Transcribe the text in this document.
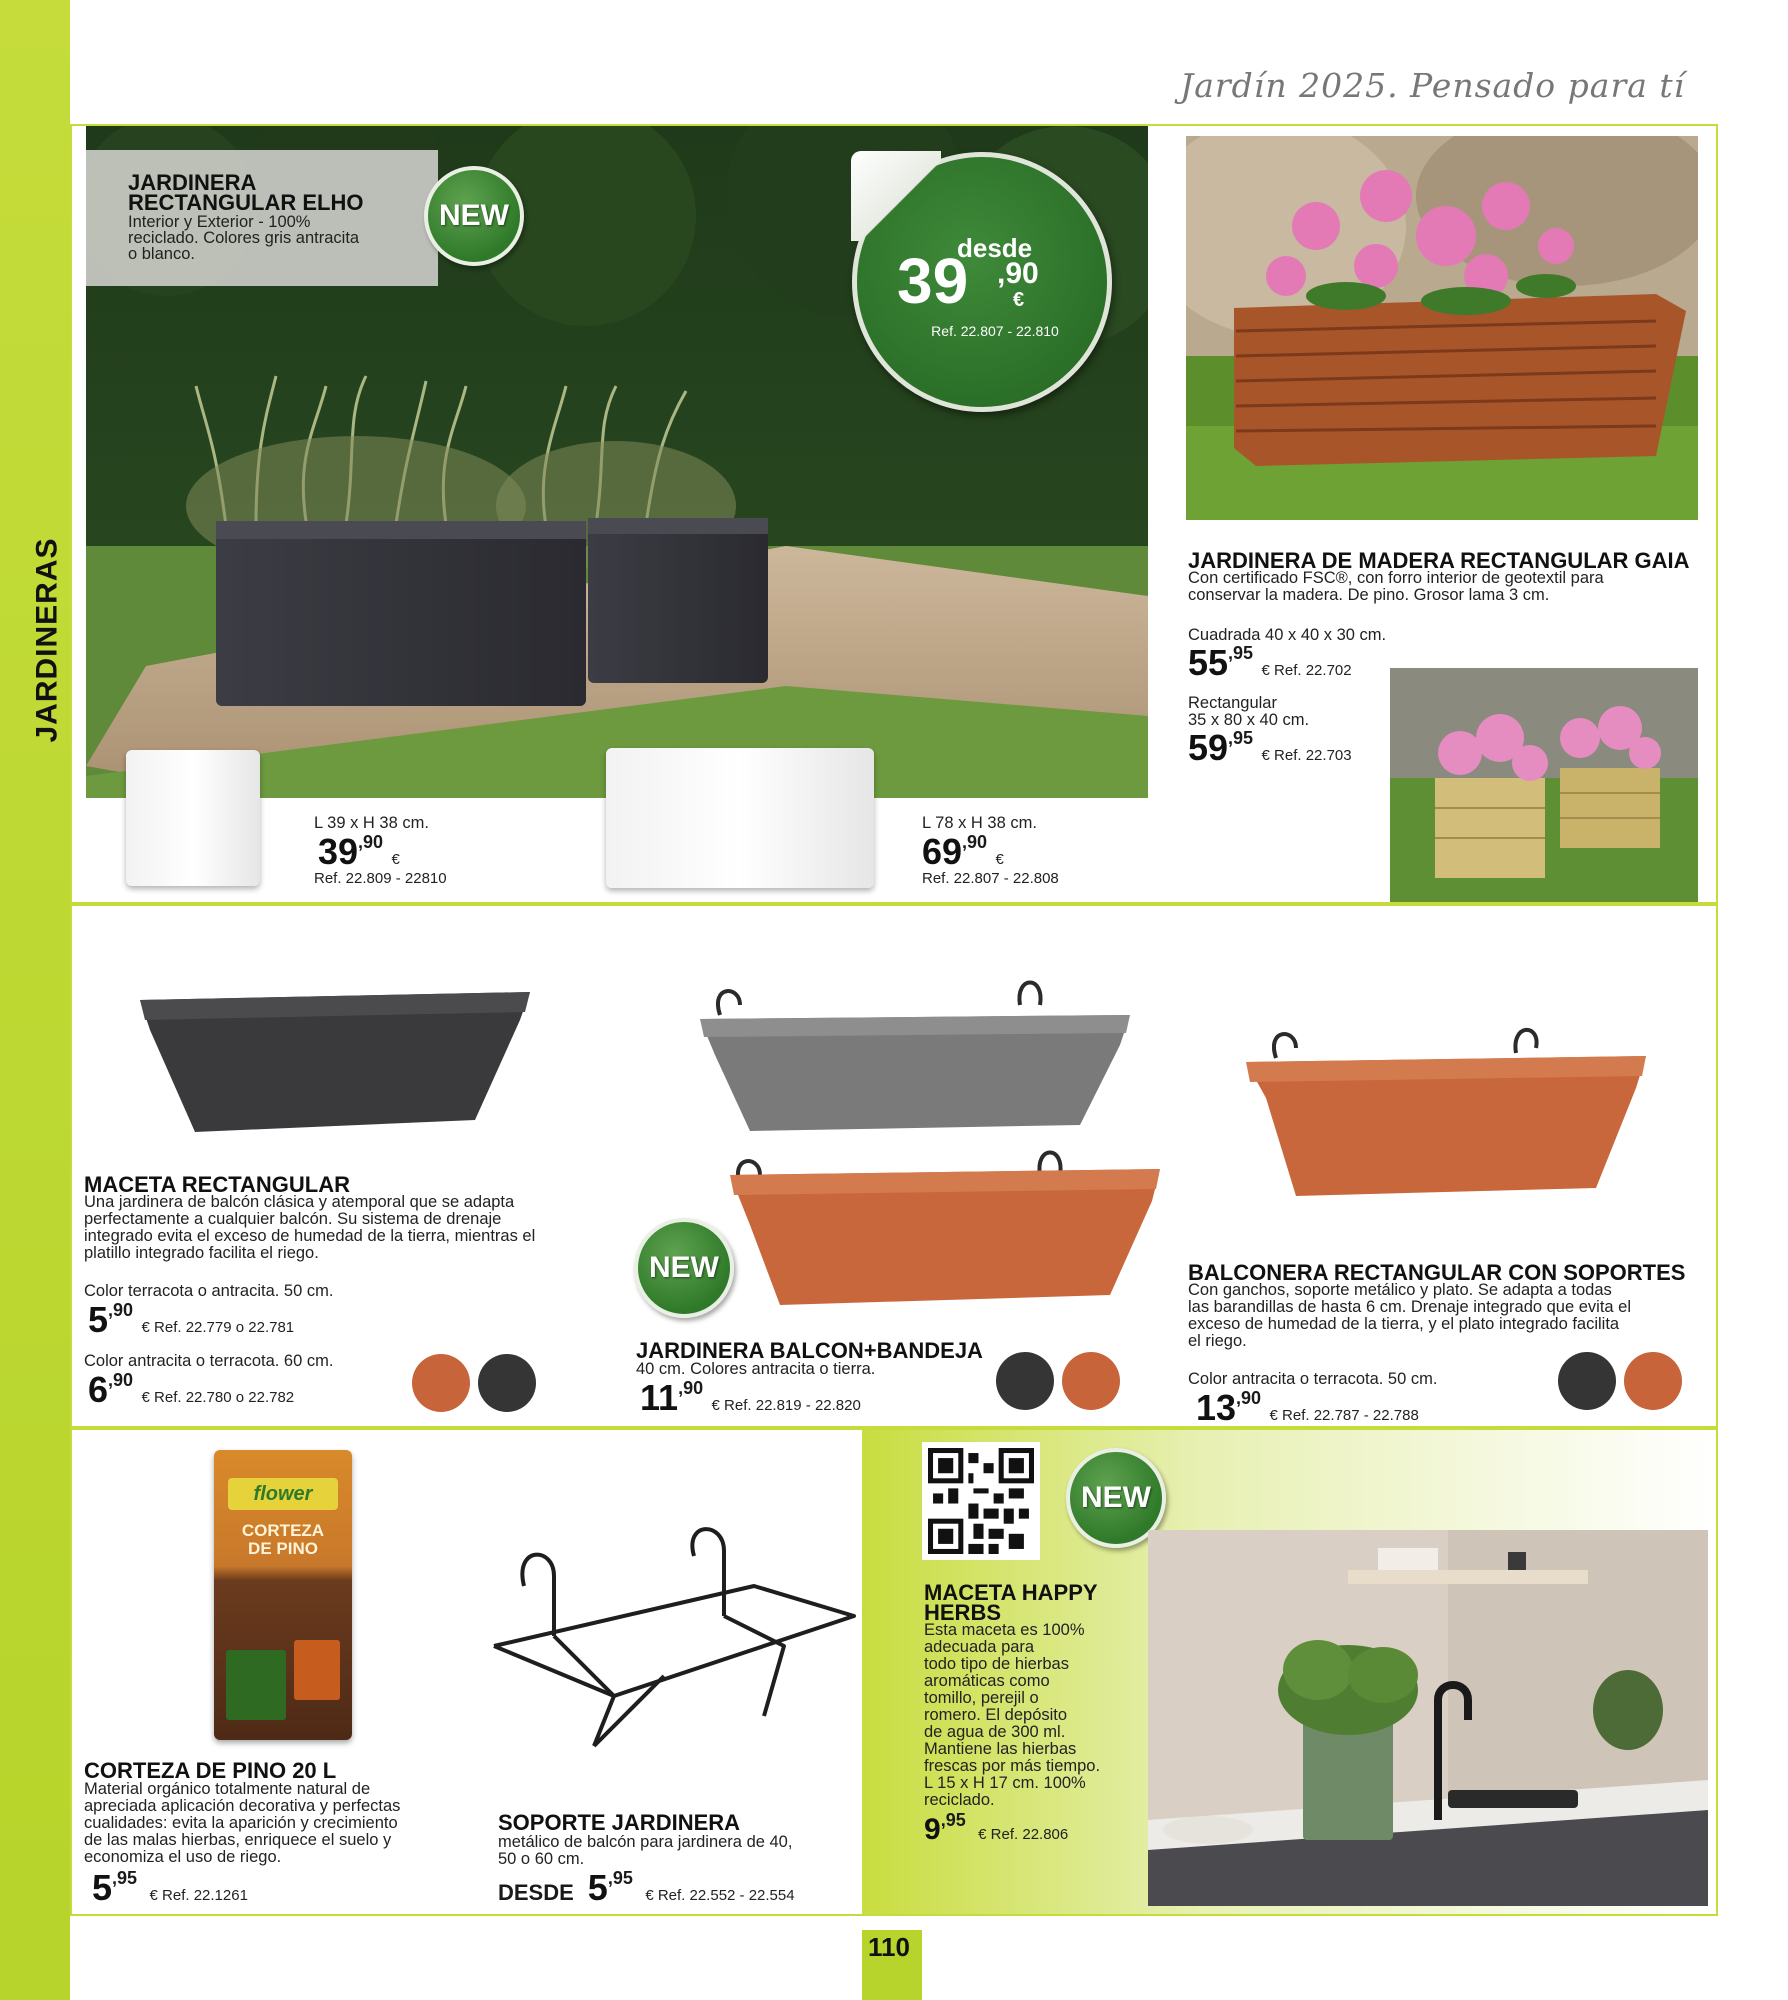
JARDINERAS
Jardín 2025. Pensado para tí
JARDINERA
RECTANGULAR ELHO
Interior y Exterior - 100%
reciclado. Colores gris antracita
o blanco.
NEW
desde
39 ,90
€
Ref. 22.807 - 22.810
L 39 x H 38 cm.
39,90 €
Ref. 22.809 - 22810
L 78 x H 38 cm.
69,90 €
Ref. 22.807 - 22.808
JARDINERA DE MADERA RECTANGULAR GAIA
Con certificado FSC®, con forro interior de geotextil para
conservar la madera. De pino. Grosor lama 3 cm.
Cuadrada 40 x 40 x 30 cm.
55,95 € Ref. 22.702
Rectangular
35 x 80 x 40 cm.
59,95 € Ref. 22.703
MACETA RECTANGULAR
Una jardinera de balcón clásica y atemporal que se adapta
perfectamente a cualquier balcón. Su sistema de drenaje
integrado evita el exceso de humedad de la tierra, mientras el
platillo integrado facilita el riego.
Color terracota o antracita. 50 cm.
5,90 € Ref. 22.779 o 22.781
Color antracita o terracota. 60 cm.
6,90 € Ref. 22.780 o 22.782
NEW
JARDINERA BALCON+BANDEJA
40 cm. Colores antracita o tierra.
11,90 € Ref. 22.819 - 22.820
BALCONERA RECTANGULAR CON SOPORTES
Con ganchos, soporte metálico y plato. Se adapta a todas
las barandillas de hasta 6 cm. Drenaje integrado que evita el
exceso de humedad de la tierra, y el plato integrado facilita
el riego.
Color antracita o terracota. 50 cm.
13,90 € Ref. 22.787 - 22.788
110
flower
CORTEZA
DE PINO
CORTEZA DE PINO 20 L
Material orgánico totalmente natural de
apreciada aplicación decorativa y perfectas
cualidades: evita la aparición y crecimiento
de las malas hierbas, enriquece el suelo y
economiza el uso de riego.
5,95 € Ref. 22.1261
SOPORTE JARDINERA
metálico de balcón para jardinera de 40,
50 o 60 cm.
DESDE 5,95 € Ref. 22.552 - 22.554
NEW
MACETA HAPPY
HERBS
Esta maceta es 100%
adecuada para
todo tipo de hierbas
aromáticas como
tomillo, perejil o
romero. El depósito
de agua de 300 ml.
Mantiene las hierbas
frescas por más tiempo.
L 15 x H 17 cm. 100%
reciclado.
9,95 € Ref. 22.806
